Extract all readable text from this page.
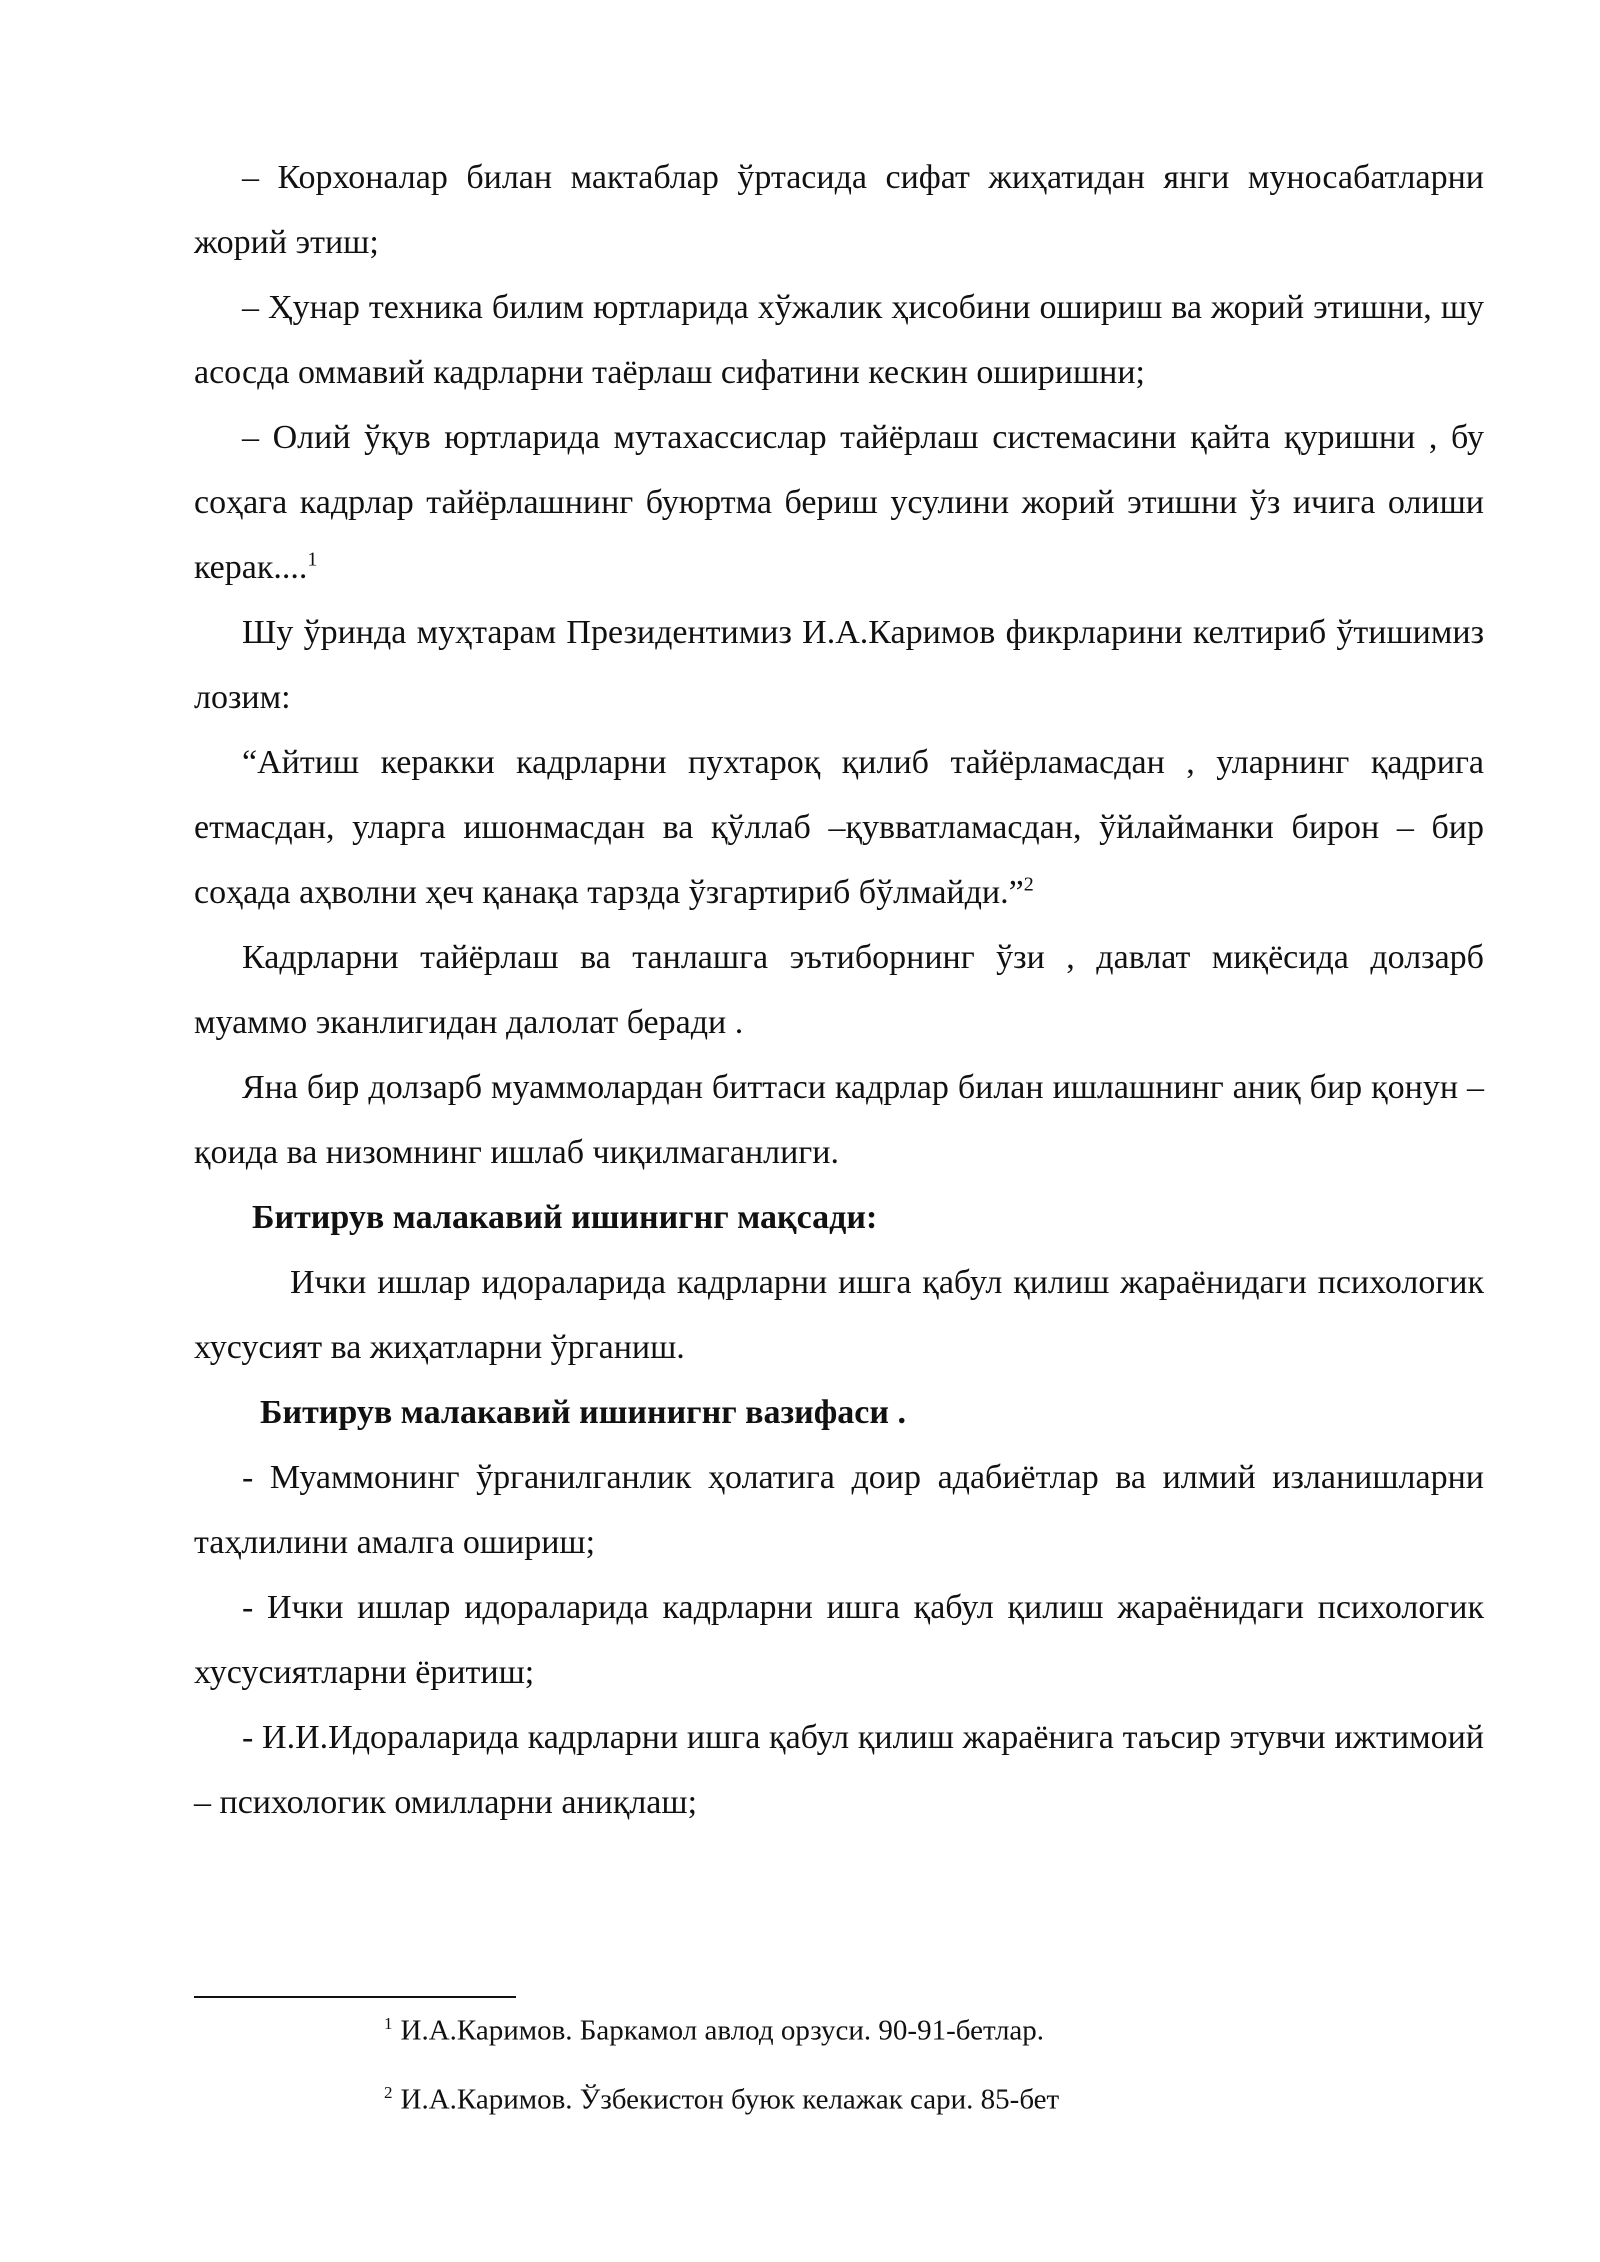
– Корхоналар билан мактаблар ўртасида сифат жиҳатидан янги муносабатларни жорий этиш;

– Ҳунар техника билим юртларида хўжалик ҳисобини ошириш ва жорий этишни, шу асосда оммавий кадрларни таёрлаш сифатини кескин оширишни;

– Олий ўқув юртларида мутахассислар тайёрлаш системасини қайта қуришни , бу соҳага кадрлар тайёрлашнинг буюртма бериш усулини жорий этишни ўз ичига олиши керак....$^1$

Шу ўринда муҳтарам Президентимиз И.А.Каримов фикрларини келтириб ўтишимиз лозим:

“Айтиш керакки кадрларни пухтароқ қилиб тайёрламасдан , уларнинг қадрига етмасдан, уларга ишонмасдан ва қўллаб –қувватламасдан, ўйлайманки бирон – бир соҳада аҳволни ҳеч қанақа тарзда ўзгартириб бўлмайди.”$^2$

Кадрларни тайёрлаш ва танлашга эътиборнинг ўзи , давлат миқёсида долзарб муаммо эканлигидан далолат беради .

Яна бир долзарб муаммолардан биттаси кадрлар билан ишлашнинг аниқ бир қонун – қоида ва низомнинг ишлаб чиқилмаганлиги.

Битирув малакавий ишинигнг мақсади:

Ички ишлар идораларида кадрларни ишга қабул қилиш жараёнидаги психологик хусусият ва жиҳатларни ўрганиш.

Битирув малакавий ишинигнг вазифаси .

- Муаммонинг ўрганилганлик ҳолатига доир адабиётлар ва илмий изланишларни таҳлилини амалга ошириш;

- Ички ишлар идораларида кадрларни ишга қабул қилиш жараёнидаги психологик хусусиятларни ёритиш;

- И.И.Идораларида кадрларни ишга қабул қилиш жараёнига таъсир этувчи ижтимоий – психологик омилларни аниқлаш;

$^1$ И.А.Каримов. Баркамол авлод орзуси. 90-91-бетлар.
$^2$ И.А.Каримов. Ўзбекистон буюк келажак сари. 85-бет
